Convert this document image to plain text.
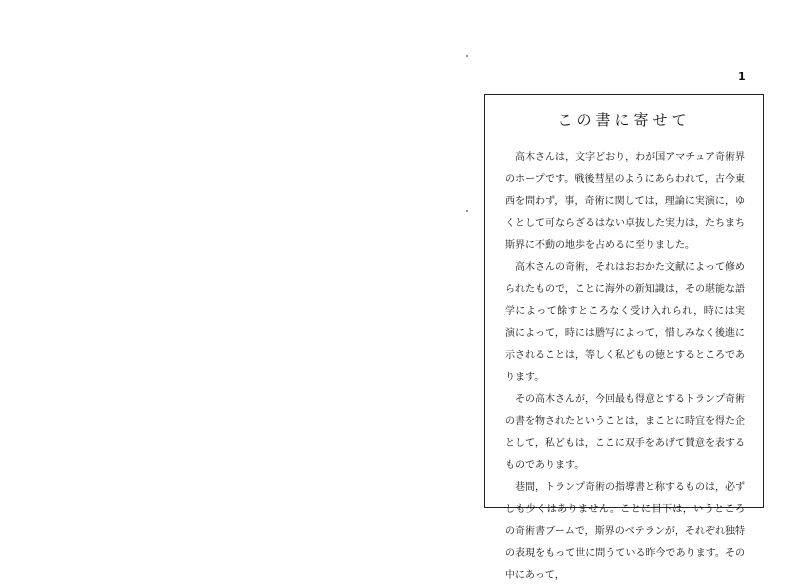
1
この書に寄せて

高木さんは，文字どおり，わが国アマチュア奇術界のホープです。戦後彗星のようにあらわれて，古今東西を問わず，事，奇術に関しては，理論に実演に，ゆくとして可ならざるはない卓抜した実力は，たちまち斯界に不動の地歩を占めるに至りました。

高木さんの奇術，それはおおかた文献によって修められたもので，ことに海外の新知識は，その堪能な語学によって餘すところなく受け入れられ，時には実演によって，時には謄写によって，惜しみなく後進に示されることは，等しく私どもの徳とするところであります。

その高木さんが，今回最も得意とするトランプ奇術の書を物されたということは，まことに時宜を得た企として，私どもは，ここに双手をあげて賛意を表するものであります。

巷間，トランプ奇術の指導書と称するものは，必ずしも少くはありません。ことに目下は，いうところの奇術書ブームで，斯界のベテランが，それぞれ独特の表現をもって世に問うている昨今であります。その中にあって，
